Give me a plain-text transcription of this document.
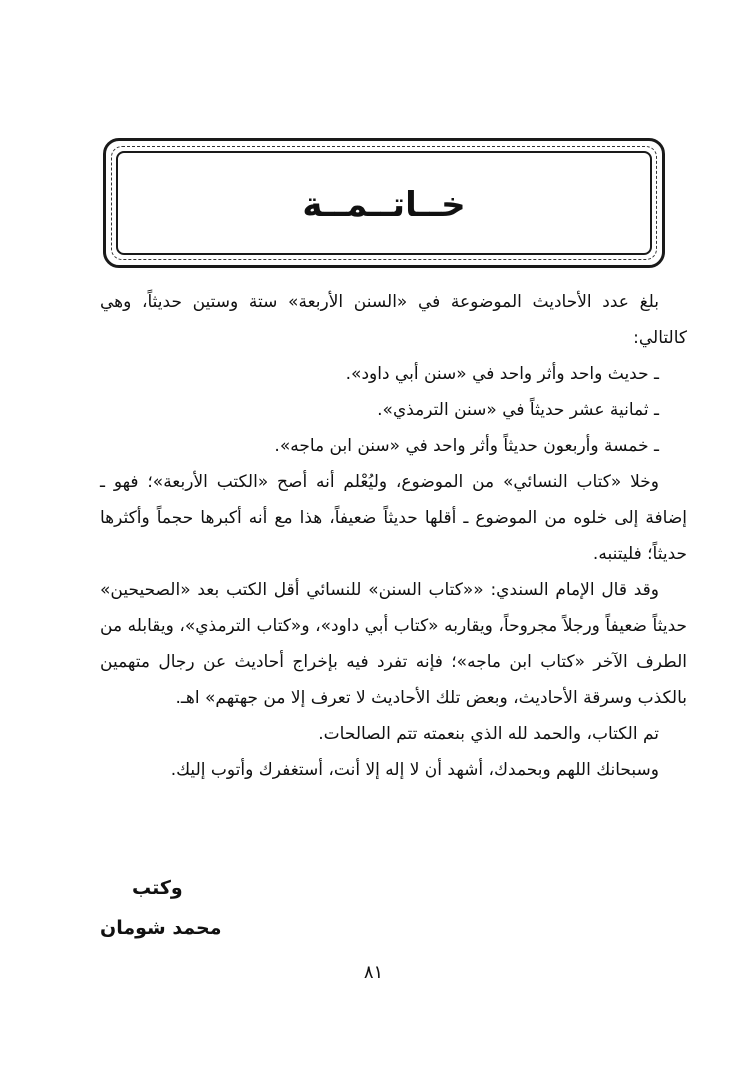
خــاتــمــة

بلغ عدد الأحاديث الموضوعة في «السنن الأربعة» ستة وستين حديثاً، وهي كالتالي:

ـ حديث واحد وأثر واحد في «سنن أبي داود».
ـ ثمانية عشر حديثاً في «سنن الترمذي».
ـ خمسة وأربعون حديثاً وأثر واحد في «سنن ابن ماجه».

وخلا «كتاب النسائي» من الموضوع، وليُعْلم أنه أصح «الكتب الأربعة»؛ فهو ـ إضافة إلى خلوه من الموضوع ـ أقلها حديثاً ضعيفاً، هذا مع أنه أكبرها حجماً وأكثرها حديثاً؛ فليتنبه.

وقد قال الإمام السندي: ««كتاب السنن» للنسائي أقل الكتب بعد «الصحيحين» حديثاً ضعيفاً ورجلاً مجروحاً، ويقاربه «كتاب أبي داود»، و«كتاب الترمذي»، ويقابله من الطرف الآخر «كتاب ابن ماجه»؛ فإنه تفرد فيه بإخراج أحاديث عن رجال متهمين بالكذب وسرقة الأحاديث، وبعض تلك الأحاديث لا تعرف إلا من جهتهم» اهـ.

تم الكتاب، والحمد لله الذي بنعمته تتم الصالحات.

وسبحانك اللهم وبحمدك، أشهد أن لا إله إلا أنت، أستغفرك وأتوب إليك.

وكتب
محمد شومان
٨١
